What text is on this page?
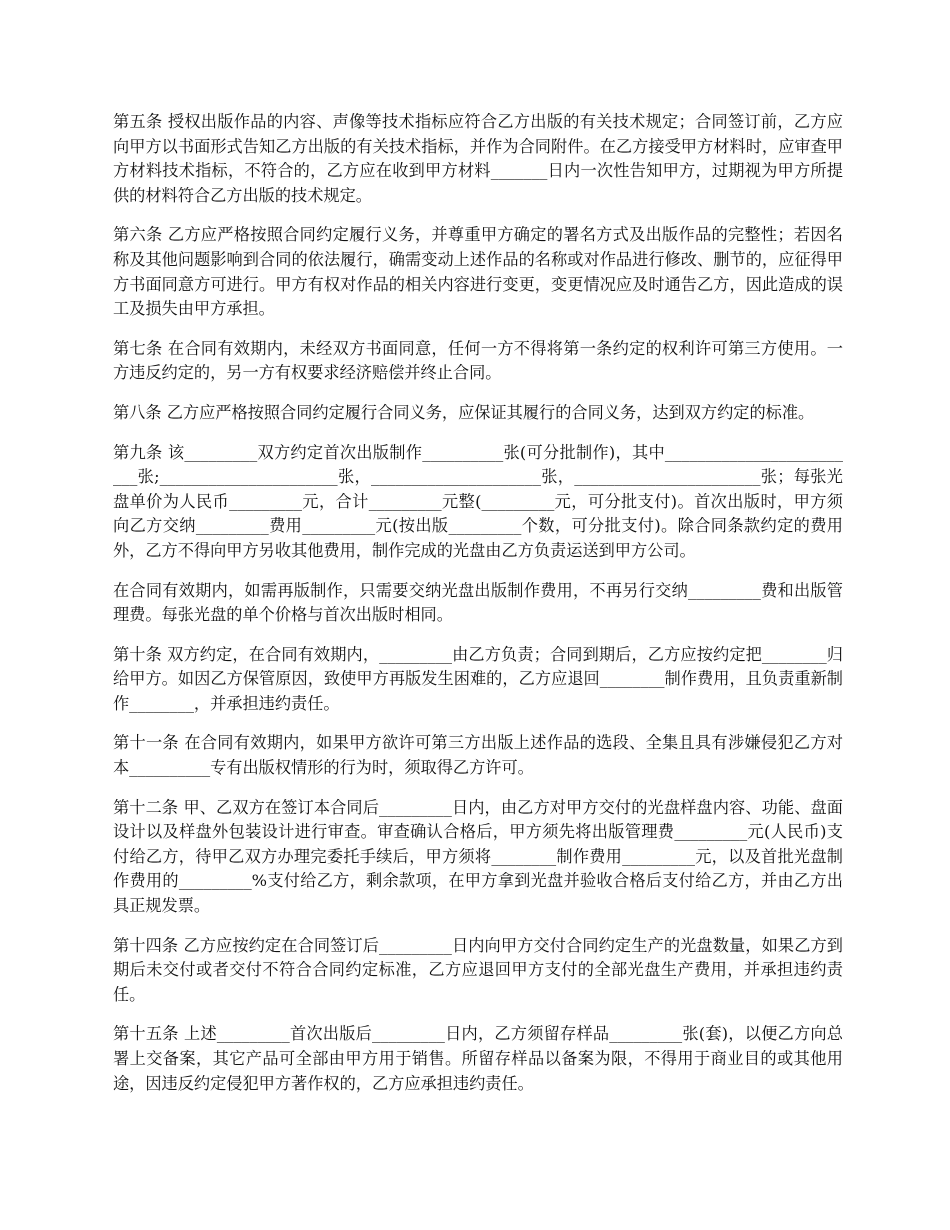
第五条 授权出版作品的内容、声像等技术指标应符合乙方出版的有关技术规定；合同签订前，乙方应向甲方以书面形式告知乙方出版的有关技术指标，并作为合同附件。在乙方接受甲方材料时，应审查甲方材料技术指标，不符合的，乙方应在收到甲方材料_______日内一次性告知甲方，过期视为甲方所提供的材料符合乙方出版的技术规定。

第六条 乙方应严格按照合同约定履行义务，并尊重甲方确定的署名方式及出版作品的完整性；若因名称及其他问题影响到合同的依法履行，确需变动上述作品的名称或对作品进行修改、删节的，应征得甲方书面同意方可进行。甲方有权对作品的相关内容进行变更，变更情况应及时通告乙方，因此造成的误工及损失由甲方承担。

第七条 在合同有效期内，未经双方书面同意，任何一方不得将第一条约定的权利许可第三方使用。一方违反约定的，另一方有权要求经济赔偿并终止合同。

第八条 乙方应严格按照合同约定履行合同义务，应保证其履行的合同义务，达到双方约定的标准。

第九条 该_________双方约定首次出版制作__________张(可分批制作)，其中_________________________张;______________________张，_____________________张，_______________________张；每张光盘单价为人民币_________元，合计_________元整(_________元，可分批支付)。首次出版时，甲方须向乙方交纳_________费用_________元(按出版_________个数，可分批支付)。除合同条款约定的费用外，乙方不得向甲方另收其他费用，制作完成的光盘由乙方负责运送到甲方公司。

在合同有效期内，如需再版制作，只需要交纳光盘出版制作费用，不再另行交纳_________费和出版管理费。每张光盘的单个价格与首次出版时相同。

第十条 双方约定，在合同有效期内，_________由乙方负责；合同到期后，乙方应按约定把________归给甲方。如因乙方保管原因，致使甲方再版发生困难的，乙方应退回________制作费用，且负责重新制作________，并承担违约责任。

第十一条 在合同有效期内，如果甲方欲许可第三方出版上述作品的选段、全集且具有涉嫌侵犯乙方对本__________专有出版权情形的行为时，须取得乙方许可。

第十二条 甲、乙双方在签订本合同后_________日内，由乙方对甲方交付的光盘样盘内容、功能、盘面设计以及样盘外包装设计进行审查。审查确认合格后，甲方须先将出版管理费_________元(人民币)支付给乙方，待甲乙双方办理完委托手续后，甲方须将________制作费用_________元，以及首批光盘制作费用的_________%支付给乙方，剩余款项，在甲方拿到光盘并验收合格后支付给乙方，并由乙方出具正规发票。

第十四条 乙方应按约定在合同签订后_________日内向甲方交付合同约定生产的光盘数量，如果乙方到期后未交付或者交付不符合合同约定标准，乙方应退回甲方支付的全部光盘生产费用，并承担违约责任。

第十五条 上述_________首次出版后_________日内，乙方须留存样品_________张(套)，以便乙方向总署上交备案，其它产品可全部由甲方用于销售。所留存样品以备案为限，不得用于商业目的或其他用途，因违反约定侵犯甲方著作权的，乙方应承担违约责任。
